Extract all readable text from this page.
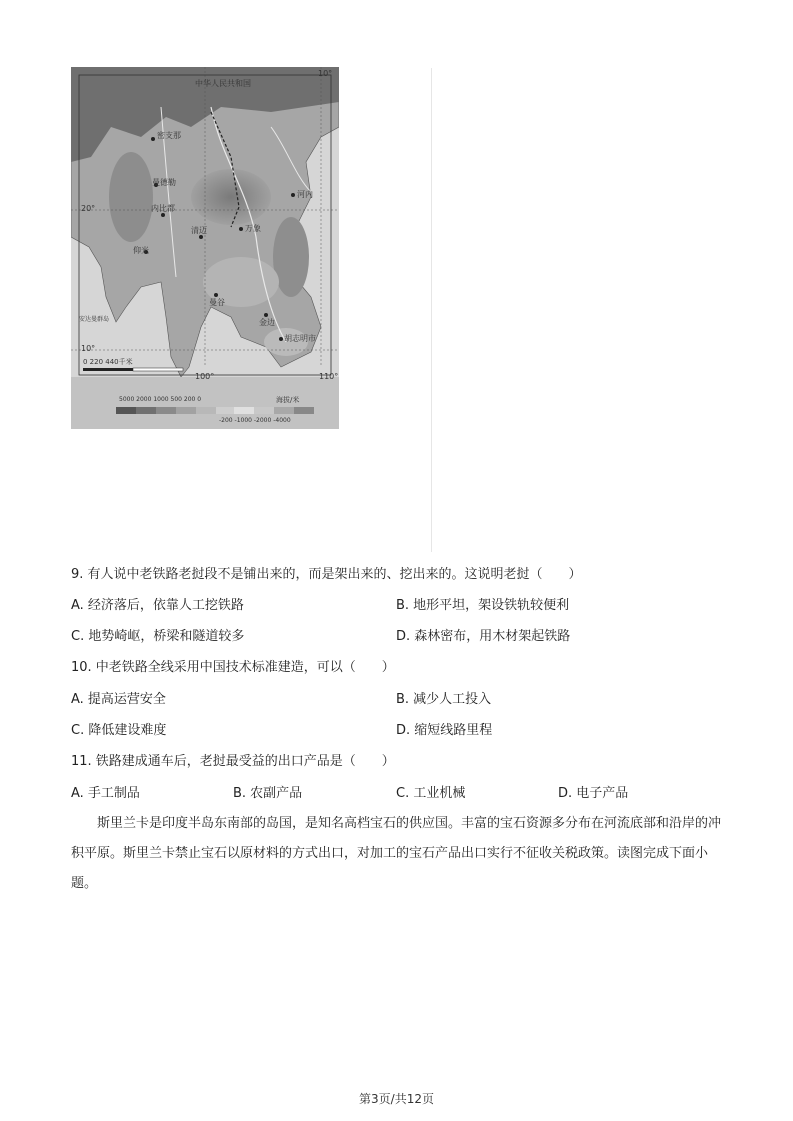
中华人民共和国
10°
密支那
曼德勒
河内
20°	内比都
万象
清迈
仰光
曼谷
金边
胡志明市
安达曼群岛
10°
100°	110°
0 220 440千米
5000 2000 1000 500 200 0	海拔/米
-200 -1000 -2000 -4000
9. 有人说中老铁路老挝段不是铺出来的，而是架出来的、挖出来的。这说明老挝（　　）
A. 经济落后，依靠人工挖铁路	B. 地形平坦，架设铁轨较便利
C. 地势崎岖，桥梁和隧道较多	D. 森林密布，用木材架起铁路
10. 中老铁路全线采用中国技术标准建造，可以（　　）
A. 提高运营安全	B. 减少人工投入
C. 降低建设难度	D. 缩短线路里程
11. 铁路建成通车后，老挝最受益的出口产品是（　　）
A. 手工制品	B. 农副产品	C. 工业机械	D. 电子产品
斯里兰卡是印度半岛东南部的岛国，是知名高档宝石的供应国。丰富的宝石资源多分布在河流底部和沿岸的冲积平原。斯里兰卡禁止宝石以原材料的方式出口，对加工的宝石产品出口实行不征收关税政策。读图完成下面小题。
第3页/共12页
